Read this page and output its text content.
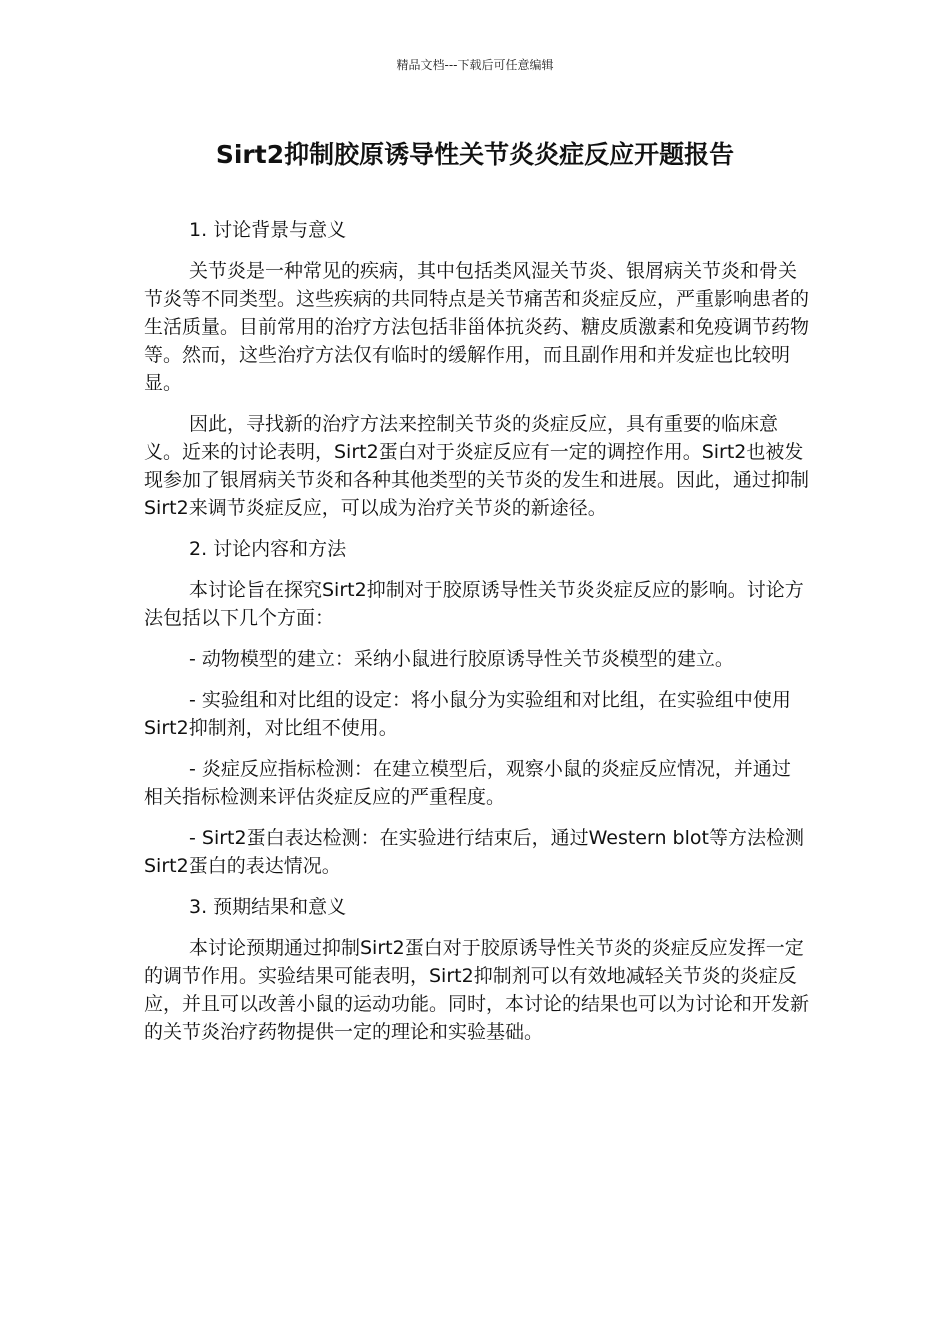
精品文档---下载后可任意编辑
Sirt2抑制胶原诱导性关节炎炎症反应开题报告

1. 讨论背景与意义

关节炎是一种常见的疾病，其中包括类风湿关节炎、银屑病关节炎和骨关节炎等不同类型。这些疾病的共同特点是关节痛苦和炎症反应，严重影响患者的生活质量。目前常用的治疗方法包括非甾体抗炎药、糖皮质激素和免疫调节药物等。然而，这些治疗方法仅有临时的缓解作用，而且副作用和并发症也比较明显。

因此，寻找新的治疗方法来控制关节炎的炎症反应，具有重要的临床意义。近来的讨论表明，Sirt2蛋白对于炎症反应有一定的调控作用。Sirt2也被发现参加了银屑病关节炎和各种其他类型的关节炎的发生和进展。因此，通过抑制Sirt2来调节炎症反应，可以成为治疗关节炎的新途径。

2. 讨论内容和方法

本讨论旨在探究Sirt2抑制对于胶原诱导性关节炎炎症反应的影响。讨论方法包括以下几个方面：

- 动物模型的建立：采纳小鼠进行胶原诱导性关节炎模型的建立。

- 实验组和对比组的设定：将小鼠分为实验组和对比组，在实验组中使用Sirt2抑制剂，对比组不使用。

- 炎症反应指标检测：在建立模型后，观察小鼠的炎症反应情况，并通过相关指标检测来评估炎症反应的严重程度。

- Sirt2蛋白表达检测：在实验进行结束后，通过Western blot等方法检测Sirt2蛋白的表达情况。

3. 预期结果和意义

本讨论预期通过抑制Sirt2蛋白对于胶原诱导性关节炎的炎症反应发挥一定的调节作用。实验结果可能表明，Sirt2抑制剂可以有效地减轻关节炎的炎症反应，并且可以改善小鼠的运动功能。同时，本讨论的结果也可以为讨论和开发新的关节炎治疗药物提供一定的理论和实验基础。
